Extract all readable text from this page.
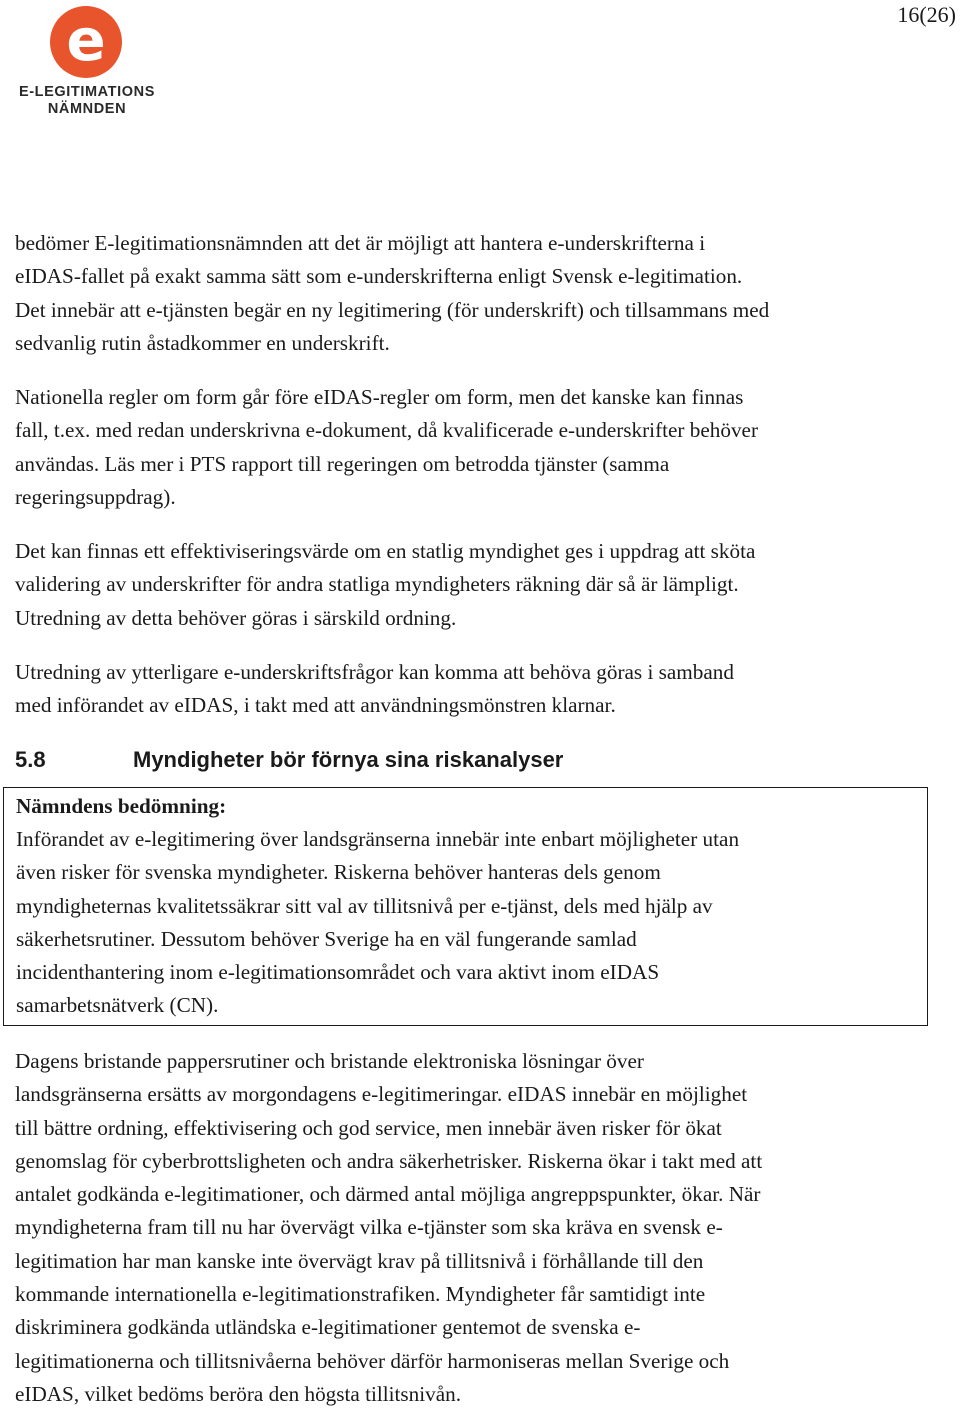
e
E-LEGITIMATIONS
NÄMNDEN
16(26)

bedömer E-legitimationsnämnden att det är möjligt att hantera e-underskrifterna i
eIDAS-fallet på exakt samma sätt som e-underskrifterna enligt Svensk e-legitimation.
Det innebär att e-tjänsten begär en ny legitimering (för underskrift) och tillsammans med
sedvanlig rutin åstadkommer en underskrift.

Nationella regler om form går före eIDAS-regler om form, men det kanske kan finnas
fall, t.ex. med redan underskrivna e-dokument, då kvalificerade e-underskrifter behöver
användas. Läs mer i PTS rapport till regeringen om betrodda tjänster (samma
regeringsuppdrag).

Det kan finnas ett effektiviseringsvärde om en statlig myndighet ges i uppdrag att sköta
validering av underskrifter för andra statliga myndigheters räkning där så är lämpligt.
Utredning av detta behöver göras i särskild ordning.

Utredning av ytterligare e-underskriftsfrågor kan komma att behöva göras i samband
med införandet av eIDAS, i takt med att användningsmönstren klarnar.

5.8	Myndigheter bör förnya sina riskanalyser

Nämndens bedömning:

Införandet av e-legitimering över landsgränserna innebär inte enbart möjligheter utan
även risker för svenska myndigheter. Riskerna behöver hanteras dels genom
myndigheternas kvalitetssäkrar sitt val av tillitsnivå per e-tjänst, dels med hjälp av
säkerhetsrutiner. Dessutom behöver Sverige ha en väl fungerande samlad
incidenthantering inom e-legitimationsområdet och vara aktivt inom eIDAS
samarbetsnätverk (CN).

Dagens bristande pappersrutiner och bristande elektroniska lösningar över
landsgränserna ersätts av morgondagens e-legitimeringar. eIDAS innebär en möjlighet
till bättre ordning, effektivisering och god service, men innebär även risker för ökat
genomslag för cyberbrottsligheten och andra säkerhetrisker. Riskerna ökar i takt med att
antalet godkända e-legitimationer, och därmed antal möjliga angreppspunkter, ökar. När
myndigheterna fram till nu har övervägt vilka e-tjänster som ska kräva en svensk e-
legitimation har man kanske inte övervägt krav på tillitsnivå i förhållande till den
kommande internationella e-legitimationstrafiken. Myndigheter får samtidigt inte
diskriminera godkända utländska e-legitimationer gentemot de svenska e-
legitimationerna och tillitsnivåerna behöver därför harmoniseras mellan Sverige och
eIDAS, vilket bedöms beröra den högsta tillitsnivån.
